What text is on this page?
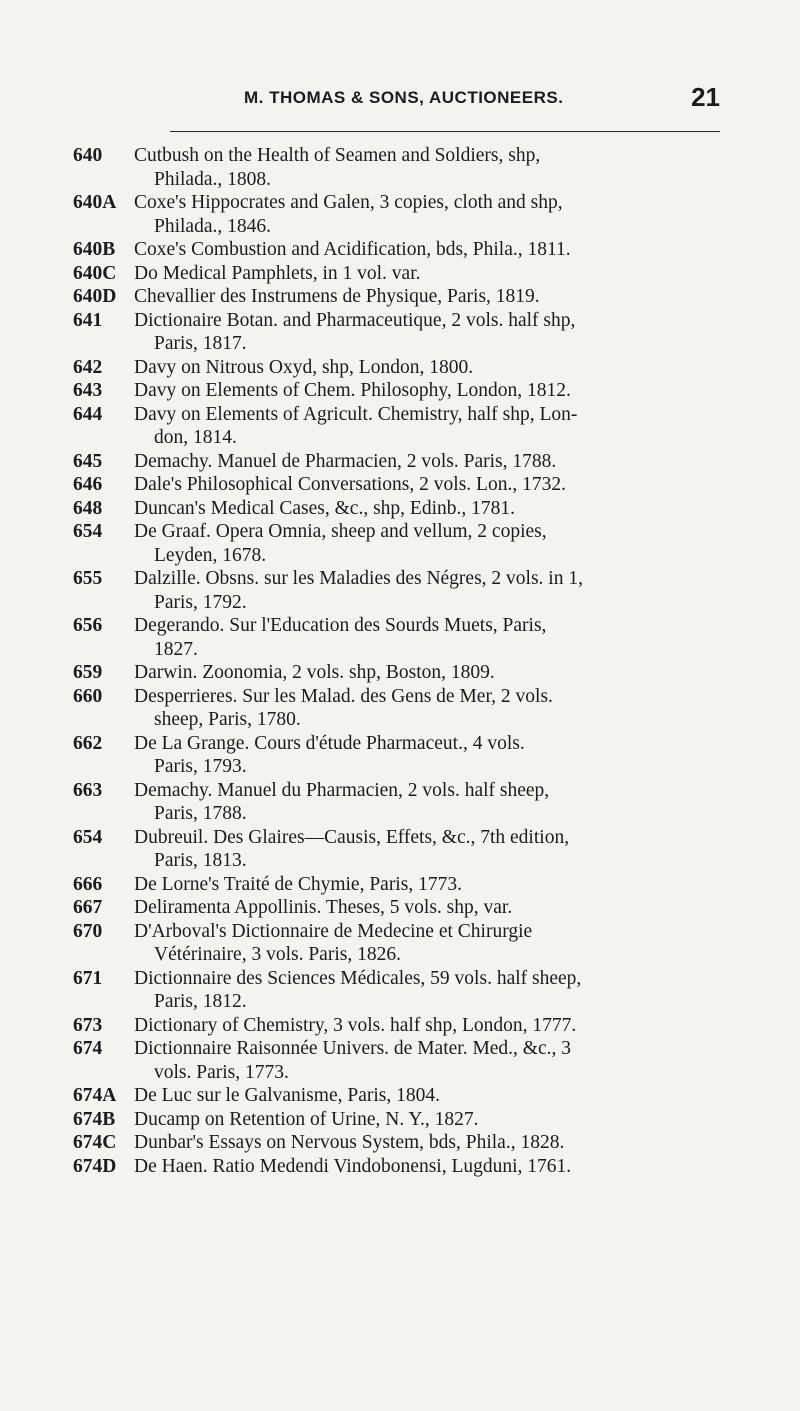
M. THOMAS & SONS, AUCTIONEERS.	21
640 Cutbush on the Health of Seamen and Soldiers, shp,
Philada., 1808.
640A Coxe's Hippocrates and Galen, 3 copies, cloth and shp,
Philada., 1846.
640B Coxe's Combustion and Acidification, bds, Phila., 1811.
640C Do Medical Pamphlets, in 1 vol. var.
640D Chevallier des Instrumens de Physique, Paris, 1819.
641 Dictionaire Botan. and Pharmaceutique, 2 vols. half shp,
Paris, 1817.
642 Davy on Nitrous Oxyd, shp, London, 1800.
643 Davy on Elements of Chem. Philosophy, London, 1812.
644 Davy on Elements of Agricult. Chemistry, half shp, Lon-
don, 1814.
645 Demachy. Manuel de Pharmacien, 2 vols. Paris, 1788.
646 Dale's Philosophical Conversations, 2 vols. Lon., 1732.
648 Duncan's Medical Cases, &c., shp, Edinb., 1781.
654 De Graaf. Opera Omnia, sheep and vellum, 2 copies,
Leyden, 1678.
655 Dalzille. Obsns. sur les Maladies des Négres, 2 vols. in 1,
Paris, 1792.
656 Degerando. Sur l'Education des Sourds Muets, Paris,
1827.
659 Darwin. Zoonomia, 2 vols. shp, Boston, 1809.
660 Desperrieres. Sur les Malad. des Gens de Mer, 2 vols.
sheep, Paris, 1780.
662 De La Grange. Cours d'étude Pharmaceut., 4 vols.
Paris, 1793.
663 Demachy. Manuel du Pharmacien, 2 vols. half sheep,
Paris, 1788.
654 Dubreuil. Des Glaires—Causis, Effets, &c., 7th edition,
Paris, 1813.
666 De Lorne's Traité de Chymie, Paris, 1773.
667 Deliramenta Appollinis. Theses, 5 vols. shp, var.
670 D'Arboval's Dictionnaire de Medecine et Chirurgie
Vétérinaire, 3 vols. Paris, 1826.
671 Dictionnaire des Sciences Médicales, 59 vols. half sheep,
Paris, 1812.
673 Dictionary of Chemistry, 3 vols. half shp, London, 1777.
674 Dictionnaire Raisonnée Univers. de Mater. Med., &c., 3
vols. Paris, 1773.
674A De Luc sur le Galvanisme, Paris, 1804.
674B Ducamp on Retention of Urine, N. Y., 1827.
674C Dunbar's Essays on Nervous System, bds, Phila., 1828.
674D De Haen. Ratio Medendi Vindobonensi, Lugduni, 1761.
